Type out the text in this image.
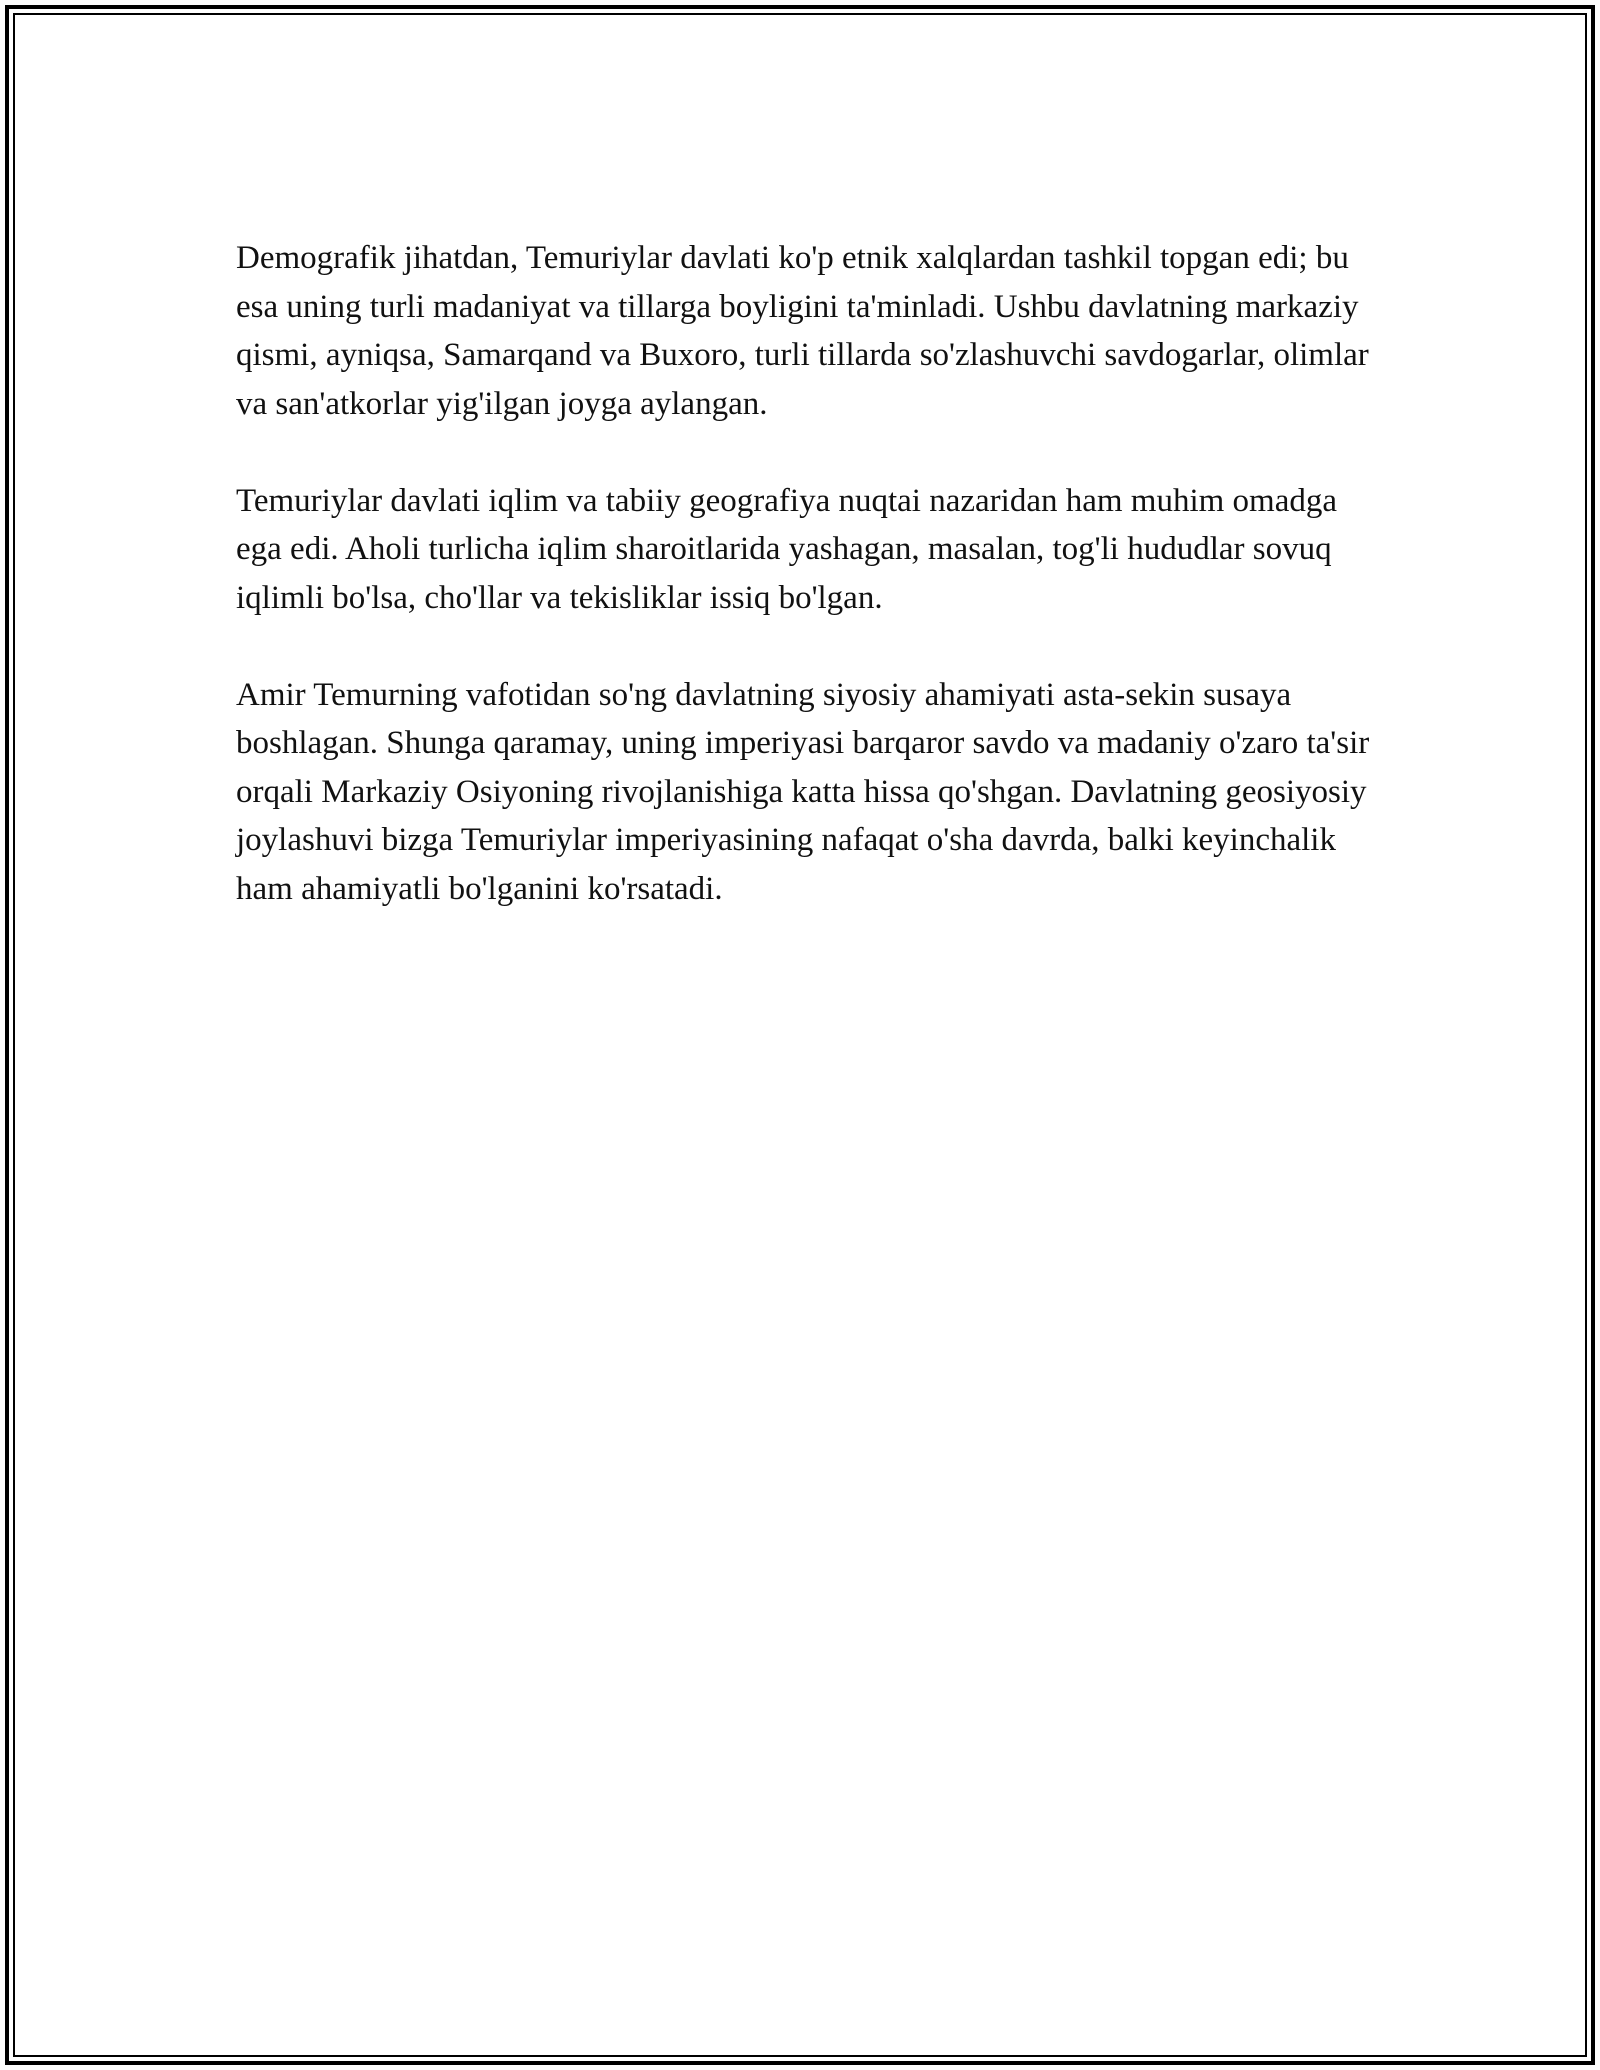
Demografik jihatdan, Temuriylar davlati ko'p etnik xalqlardan tashkil topgan edi; bu esa uning turli madaniyat va tillarga boyligini ta'minladi. Ushbu davlatning markaziy qismi, ayniqsa, Samarqand va Buxoro, turli tillarda so'zlashuvchi savdogarlar, olimlar va san'atkorlar yig'ilgan joyga aylangan.

Temuriylar davlati iqlim va tabiiy geografiya nuqtai nazaridan ham muhim omadga ega edi. Aholi turlicha iqlim sharoitlarida yashagan, masalan, tog'li hududlar sovuq iqlimli bo'lsa, cho'llar va tekisliklar issiq bo'lgan.

Amir Temurning vafotidan so'ng davlatning siyosiy ahamiyati asta-sekin susaya boshlagan. Shunga qaramay, uning imperiyasi barqaror savdo va madaniy o'zaro ta'sir orqali Markaziy Osiyoning rivojlanishiga katta hissa qo'shgan. Davlatning geosiyosiy joylashuvi bizga Temuriylar imperiyasining nafaqat o'sha davrda, balki keyinchalik ham ahamiyatli bo'lganini ko'rsatadi.
